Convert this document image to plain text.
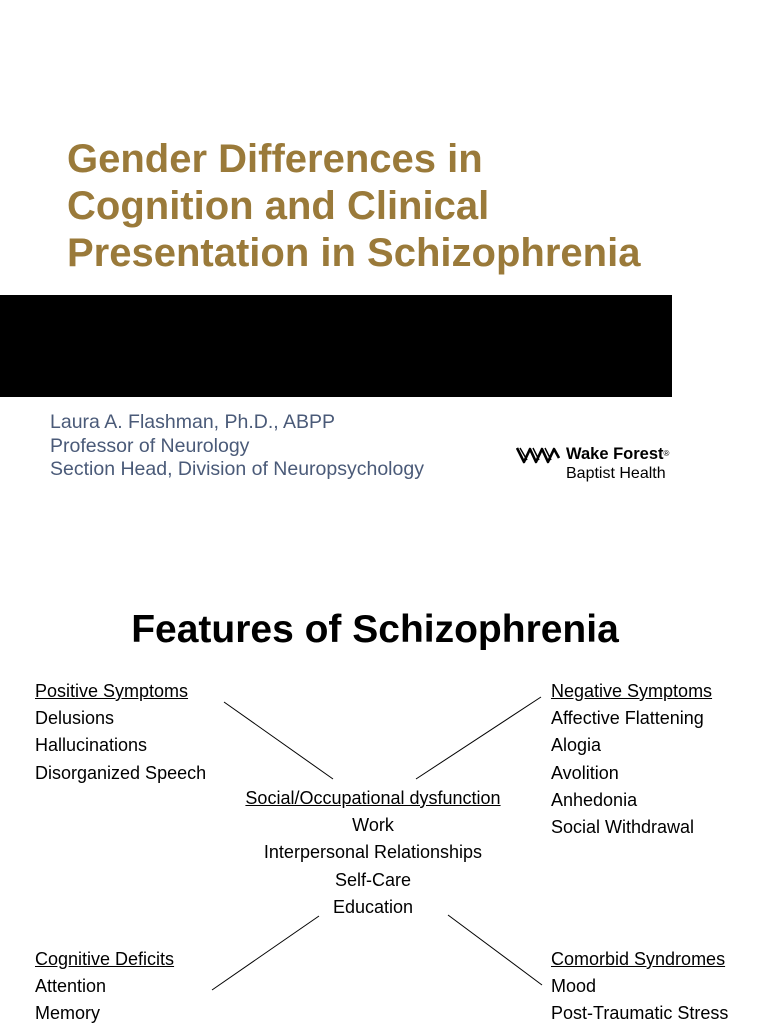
Gender Differences in
Cognition and Clinical
Presentation in Schizophrenia
Laura A. Flashman, Ph.D., ABPP
Professor of Neurology
Section Head, Division of Neuropsychology
Wake Forest®
Baptist Health
Features of Schizophrenia
Positive Symptoms
Delusions
Hallucinations
Disorganized Speech
Negative Symptoms
Affective Flattening
Alogia
Avolition
Anhedonia
Social Withdrawal
Social/Occupational dysfunction
Work
Interpersonal Relationships
Self-Care
Education
Cognitive Deficits
Attention
Memory
Comorbid Syndromes
Mood
Post-Traumatic Stress
